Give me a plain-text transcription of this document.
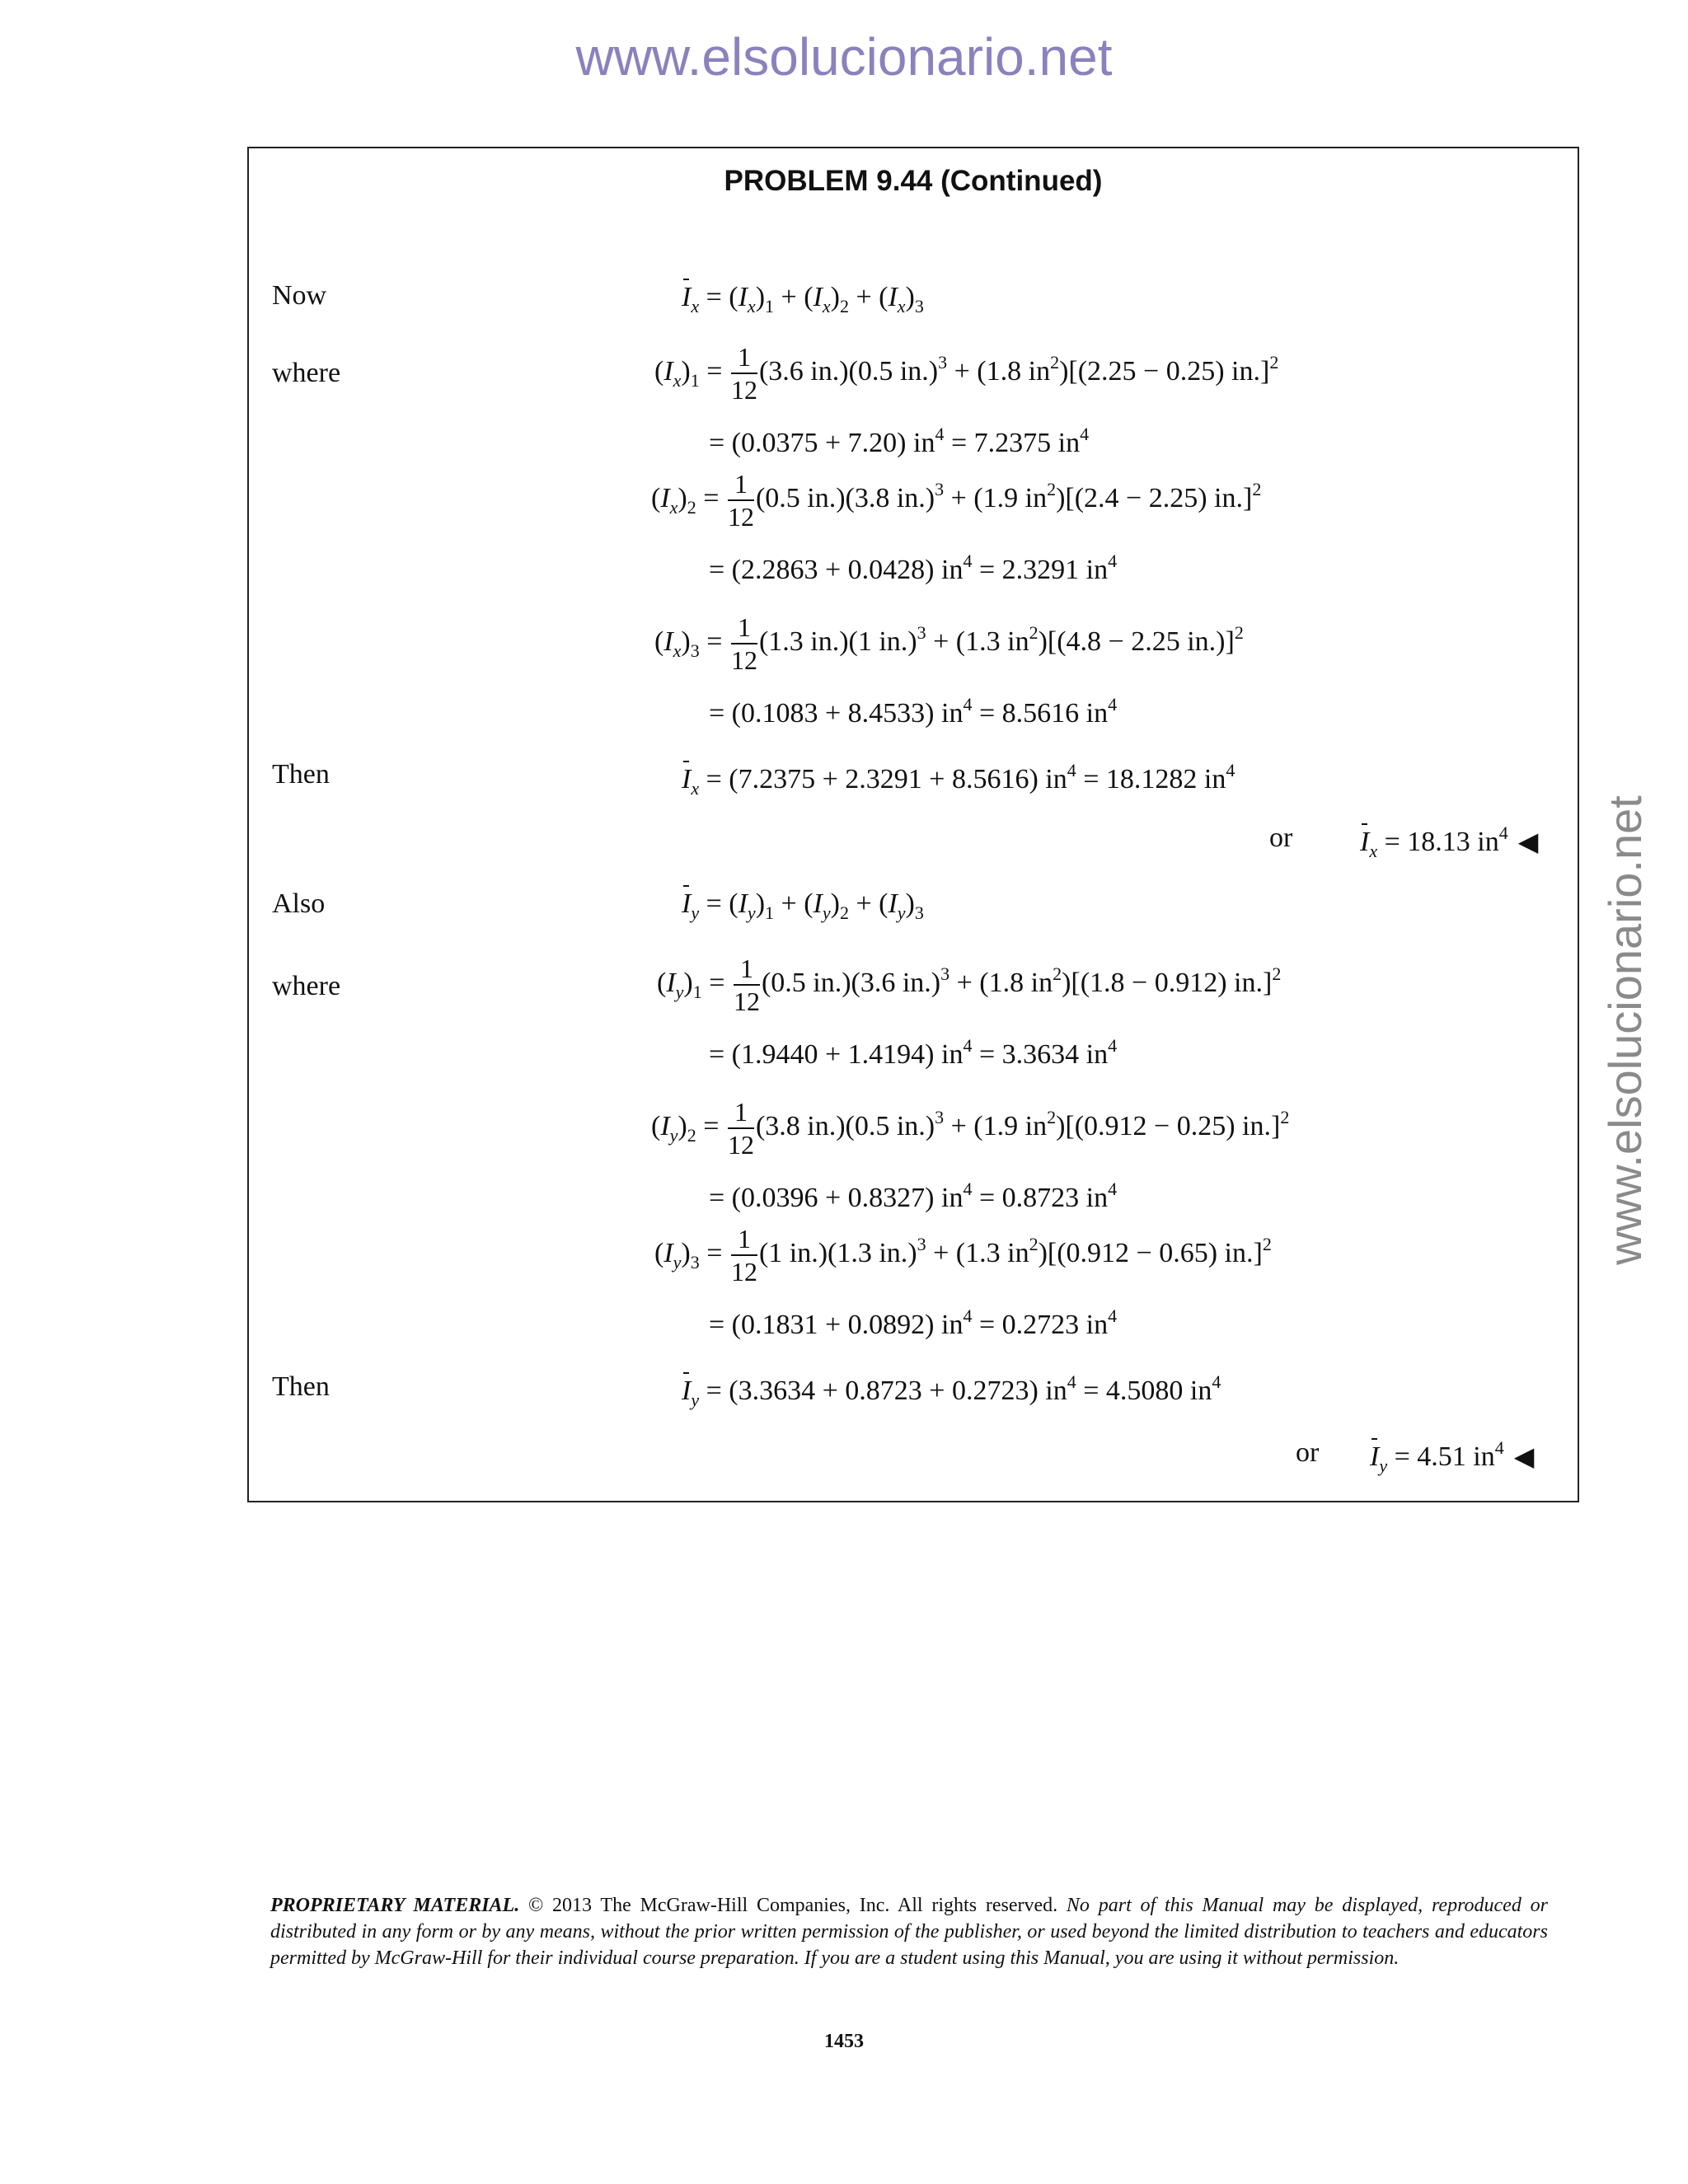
www.elsolucionario.net
www.elsolucionario.net
PROBLEM 9.44 (Continued)
Now	$I_x = (I_x)_1 + (I_x)_2 + (I_x)_3$
where	$(I_x)_1 = \frac{1}{12} (3.6$ in.)(0.5 in.)$^3$ + (1.8 $in^2)[(2.25 - 0.25)$ in.]$^2$
= (0.0375 + 7.20) $in^4 = 7.2375$ $in^4$
$(I_x)_2 = \frac{1}{12} (0.5$ in.)(3.8 in.)$^3$ + (1.9 $in^2)[(2.4 - 2.25)$ in.]$^2$
= (2.2863 + 0.0428) $in^4 = 2.3291$ $in^4$
$(I_x)_3 = \frac{1}{12} (1.3$ in.)(1 in.)$^3$ + (1.3 $in^2)[(4.8 - 2.25$ in.)]$^2$
= (0.1083 + 8.4533) $in^4 = 8.5616$ $in^4$
Then	$I_x = (7.2375 + 2.3291 + 8.5616) in^4 = 18.1282$ $in^4$
or $I_x = 18.13$ $in^4$ ◀
Also	$I_y = (I_y)_1 + (I_y)_2 + (I_y)_3$
where	$(I_y)_1 = \frac{1}{12} (0.5$ in.)(3.6 in.)$^3$ + (1.8 $in^2)[(1.8 - 0.912)$ in.]$^2$
= (1.9440 + 1.4194) $in^4 = 3.3634$ $in^4$
$(I_y)_2 = \frac{1}{12} (3.8$ in.)(0.5 in.)$^3$ + (1.9 $in^2)[(0.912 - 0.25)$ in.]$^2$
= (0.0396 + 0.8327) $in^4 = 0.8723$ $in^4$
$(I_y)_3 = \frac{1}{12} (1$ in.)(1.3 in.)$^3$ + (1.3 $in^2)[(0.912 - 0.65)$ in.]$^2$
= (0.1831 + 0.0892) $in^4 = 0.2723$ $in^4$
Then	$I_y = (3.3634 + 0.8723 + 0.2723) in^4 = 4.5080$ $in^4$
or $I_y = 4.51$ $in^4$ ◀
PROPRIETARY MATERIAL. © 2013 The McGraw-Hill Companies, Inc. All rights reserved. No part of this Manual may be displayed, reproduced or distributed in any form or by any means, without the prior written permission of the publisher, or used beyond the limited distribution to teachers and educators permitted by McGraw-Hill for their individual course preparation. If you are a student using this Manual, you are using it without permission.
1453
